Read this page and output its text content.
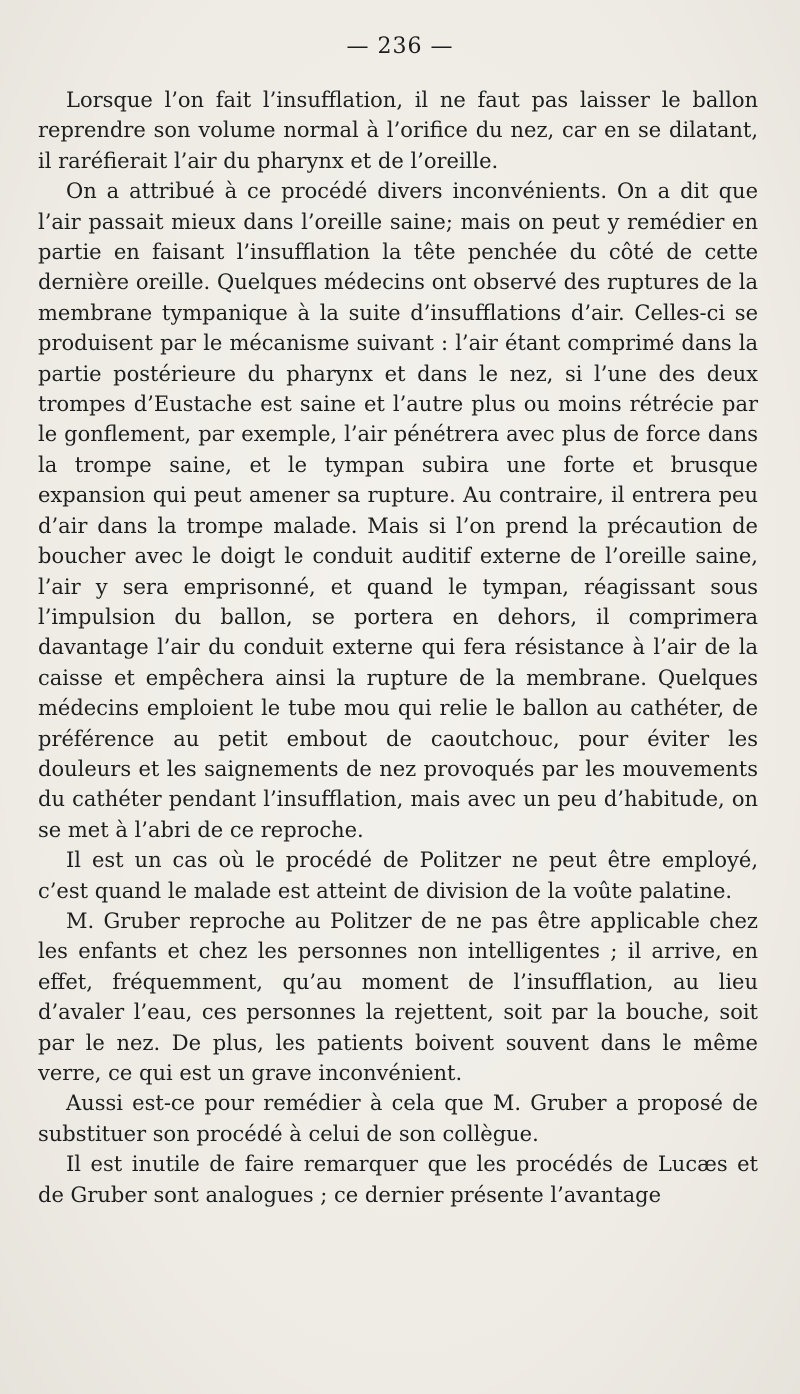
— 236 —

Lorsque l’on fait l’insufflation, il ne faut pas laisser le ballon reprendre son volume normal à l’orifice du nez, car en se dilatant, il raréfierait l’air du pharynx et de l’oreille.

On a attribué à ce procédé divers inconvénients. On a dit que l’air passait mieux dans l’oreille saine; mais on peut y remédier en partie en faisant l’insufflation la tête penchée du côté de cette dernière oreille. Quelques médecins ont observé des ruptures de la membrane tympanique à la suite d’insufflations d’air. Celles-ci se produisent par le mécanisme suivant : l’air étant comprimé dans la partie postérieure du pharynx et dans le nez, si l’une des deux trompes d’Eustache est saine et l’autre plus ou moins rétrécie par le gonflement, par exemple, l’air pénétrera avec plus de force dans la trompe saine, et le tympan subira une forte et brusque expansion qui peut amener sa rupture. Au contraire, il entrera peu d’air dans la trompe malade. Mais si l’on prend la précaution de boucher avec le doigt le conduit auditif externe de l’oreille saine, l’air y sera emprisonné, et quand le tympan, réagissant sous l’impulsion du ballon, se portera en dehors, il comprimera davantage l’air du conduit externe qui fera résistance à l’air de la caisse et empêchera ainsi la rupture de la membrane. Quelques médecins emploient le tube mou qui relie le ballon au cathéter, de préférence au petit embout de caoutchouc, pour éviter les douleurs et les saignements de nez provoqués par les mouvements du cathéter pendant l’insufflation, mais avec un peu d’habitude, on se met à l’abri de ce reproche.

Il est un cas où le procédé de Politzer ne peut être employé, c’est quand le malade est atteint de division de la voûte palatine.

M. Gruber reproche au Politzer de ne pas être applicable chez les enfants et chez les personnes non intelligentes ; il arrive, en effet, fréquemment, qu’au moment de l’insufflation, au lieu d’avaler l’eau, ces personnes la rejettent, soit par la bouche, soit par le nez. De plus, les patients boivent souvent dans le même verre, ce qui est un grave inconvénient.

Aussi est-ce pour remédier à cela que M. Gruber a proposé de substituer son procédé à celui de son collègue.

Il est inutile de faire remarquer que les procédés de Lucæs et de Gruber sont analogues ; ce dernier présente l’avantage
